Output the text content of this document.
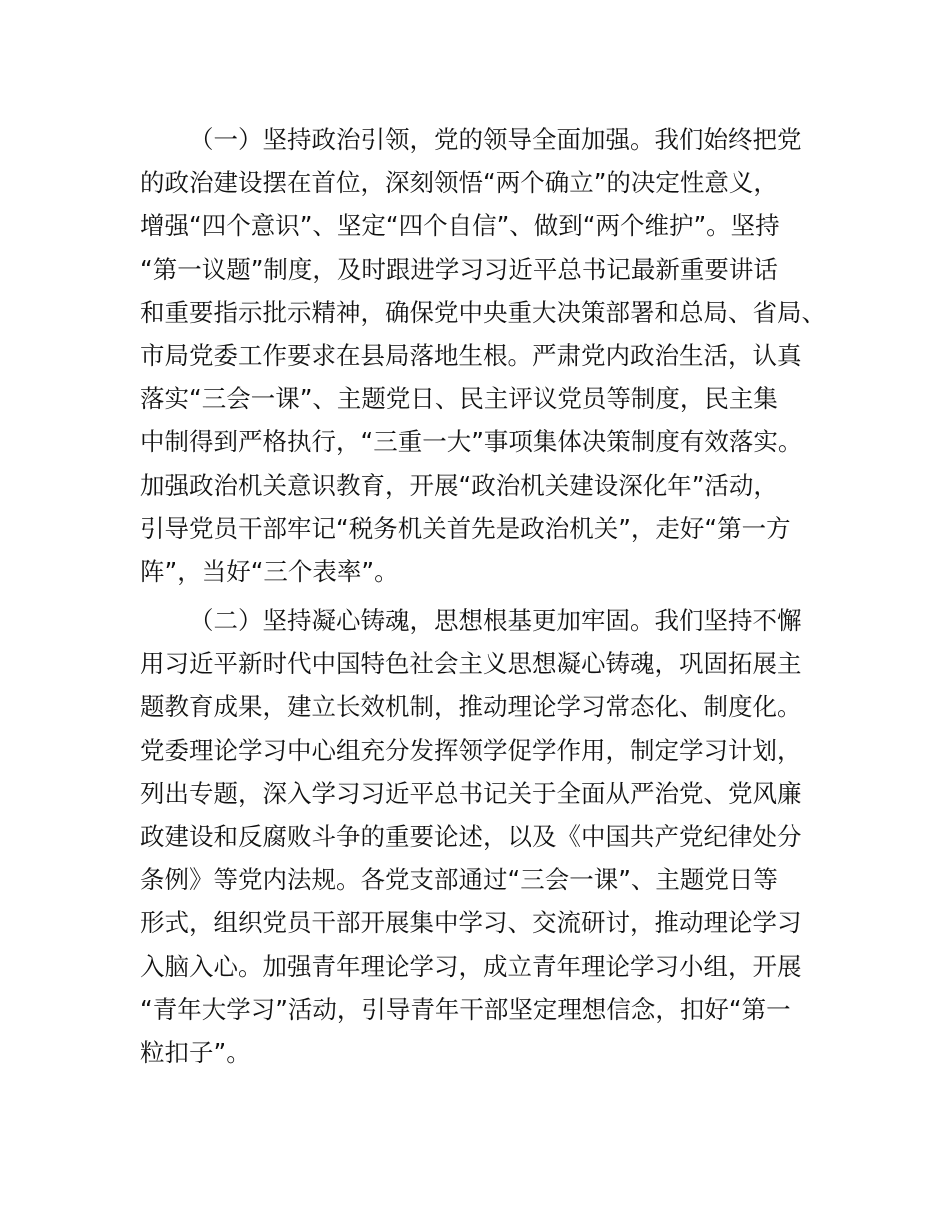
（一）坚持政治引领，党的领导全面加强。我们始终把党
的政治建设摆在首位，深刻领悟“两个确立”的决定性意义，
增强“四个意识”、坚定“四个自信”、做到“两个维护”。坚持
“第一议题”制度，及时跟进学习习近平总书记最新重要讲话
和重要指示批示精神，确保党中央重大决策部署和总局、省局、
市局党委工作要求在县局落地生根。严肃党内政治生活，认真
落实“三会一课”、主题党日、民主评议党员等制度，民主集
中制得到严格执行，“三重一大”事项集体决策制度有效落实。
加强政治机关意识教育，开展“政治机关建设深化年”活动，
引导党员干部牢记“税务机关首先是政治机关”，走好“第一方
阵”，当好“三个表率”。
（二）坚持凝心铸魂，思想根基更加牢固。我们坚持不懈
用习近平新时代中国特色社会主义思想凝心铸魂，巩固拓展主
题教育成果，建立长效机制，推动理论学习常态化、制度化。
党委理论学习中心组充分发挥领学促学作用，制定学习计划，
列出专题，深入学习习近平总书记关于全面从严治党、党风廉
政建设和反腐败斗争的重要论述，以及《中国共产党纪律处分
条例》等党内法规。各党支部通过“三会一课”、主题党日等
形式，组织党员干部开展集中学习、交流研讨，推动理论学习
入脑入心。加强青年理论学习，成立青年理论学习小组，开展
“青年大学习”活动，引导青年干部坚定理想信念，扣好“第一
粒扣子”。
